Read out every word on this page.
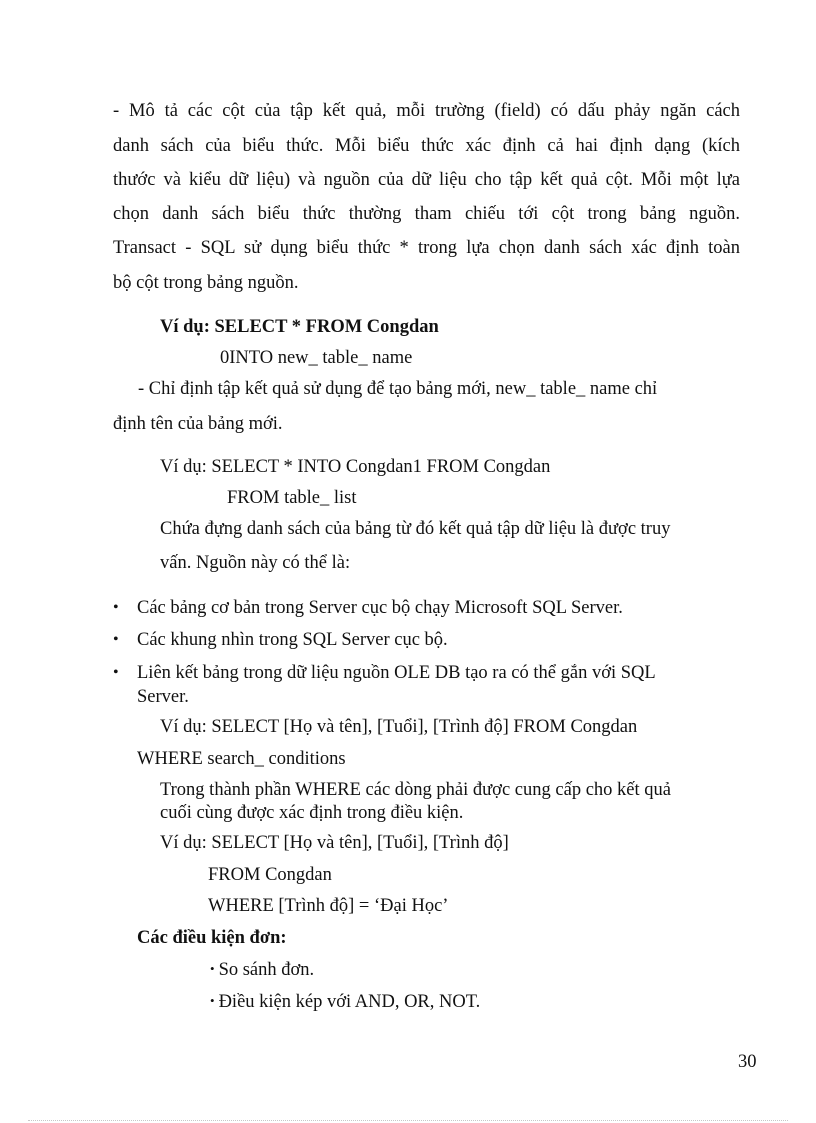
- Mô tả các cột của tập kết quả, mỗi trường (field) có dấu phảy ngăn cách
danh sách của biểu thức. Mỗi biểu thức xác định cả hai định dạng (kích
thước và kiểu dữ liệu) và nguồn của dữ liệu cho tập kết quả cột. Mỗi một lựa
chọn danh sách biểu thức thường tham chiếu tới cột trong bảng nguồn.
Transact - SQL sử dụng biểu thức * trong lựa chọn danh sách xác định toàn
bộ cột trong bảng nguồn.
Ví dụ: SELECT * FROM Congdan
0INTO new_ table_ name
- Chỉ định tập kết quả sử dụng để tạo bảng mới, new_ table_ name chỉ
định tên của bảng mới.
Ví dụ: SELECT * INTO Congdan1 FROM Congdan
FROM table_ list
Chứa đựng danh sách của bảng từ đó kết quả tập dữ liệu là được truy
vấn. Nguồn này có thể là:
• Các bảng cơ bản trong Server cục bộ chạy Microsoft SQL Server.
• Các khung nhìn trong SQL Server cục bộ.
• Liên kết bảng trong dữ liệu nguồn OLE DB tạo ra có thể gắn với SQL
Server.
Ví dụ: SELECT [Họ và tên], [Tuổi], [Trình độ] FROM Congdan
WHERE search_ conditions
Trong thành phần WHERE các dòng phải được cung cấp cho kết quả
cuối cùng được xác định trong điều kiện.
Ví dụ: SELECT [Họ và tên], [Tuổi], [Trình độ]
FROM Congdan
WHERE [Trình độ] = ‘Đại Học’
Các điều kiện đơn:
• So sánh đơn.
• Điều kiện kép với AND, OR, NOT.
30
